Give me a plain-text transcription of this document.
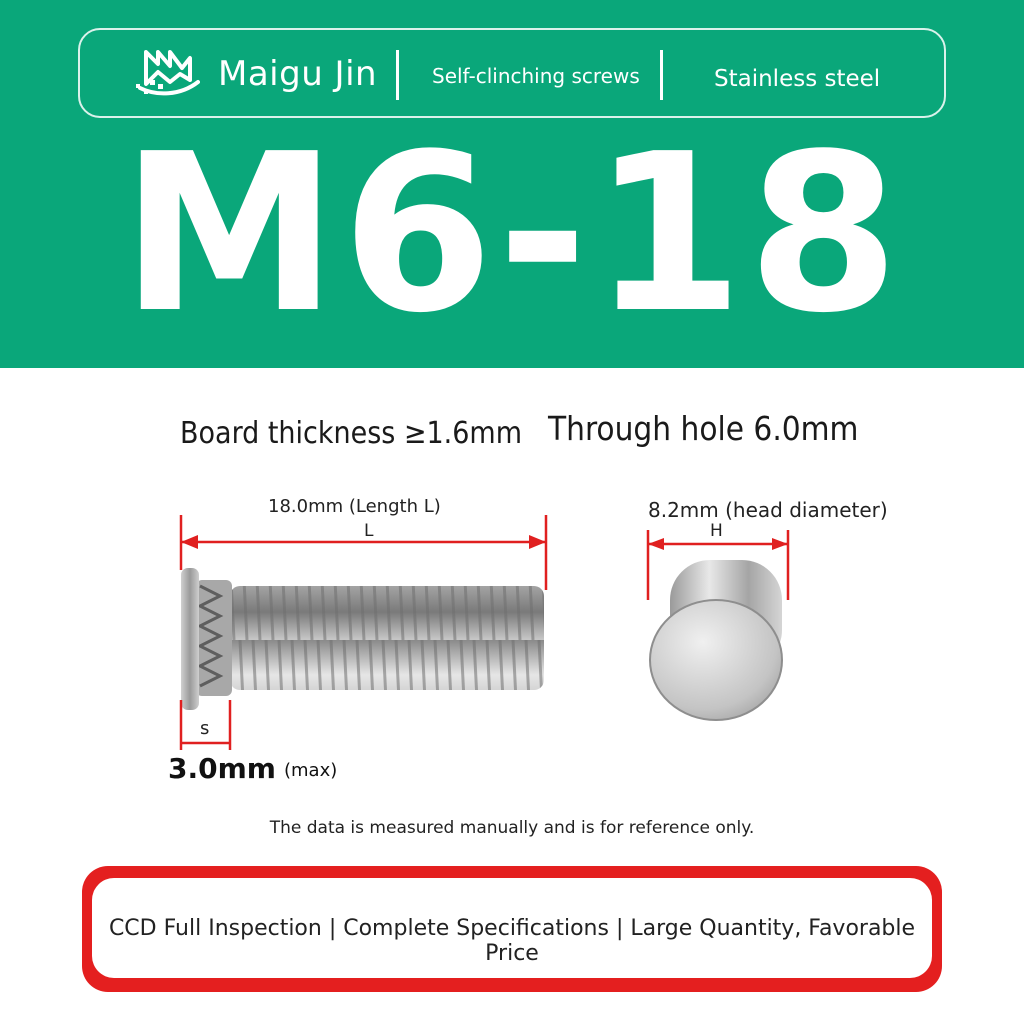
Maigu Jin	Self-clinching screws	Stainless steel
M6-18
Board thickness ≥1.6mm Through hole 6.0mm
s
L
18.0mm (Length L)
H
8.2mm (head diameter)
3.0mm (max)
The data is measured manually and is for reference only.
CCD Full Inspection | Complete Specifications | Large Quantity, Favorable Price
